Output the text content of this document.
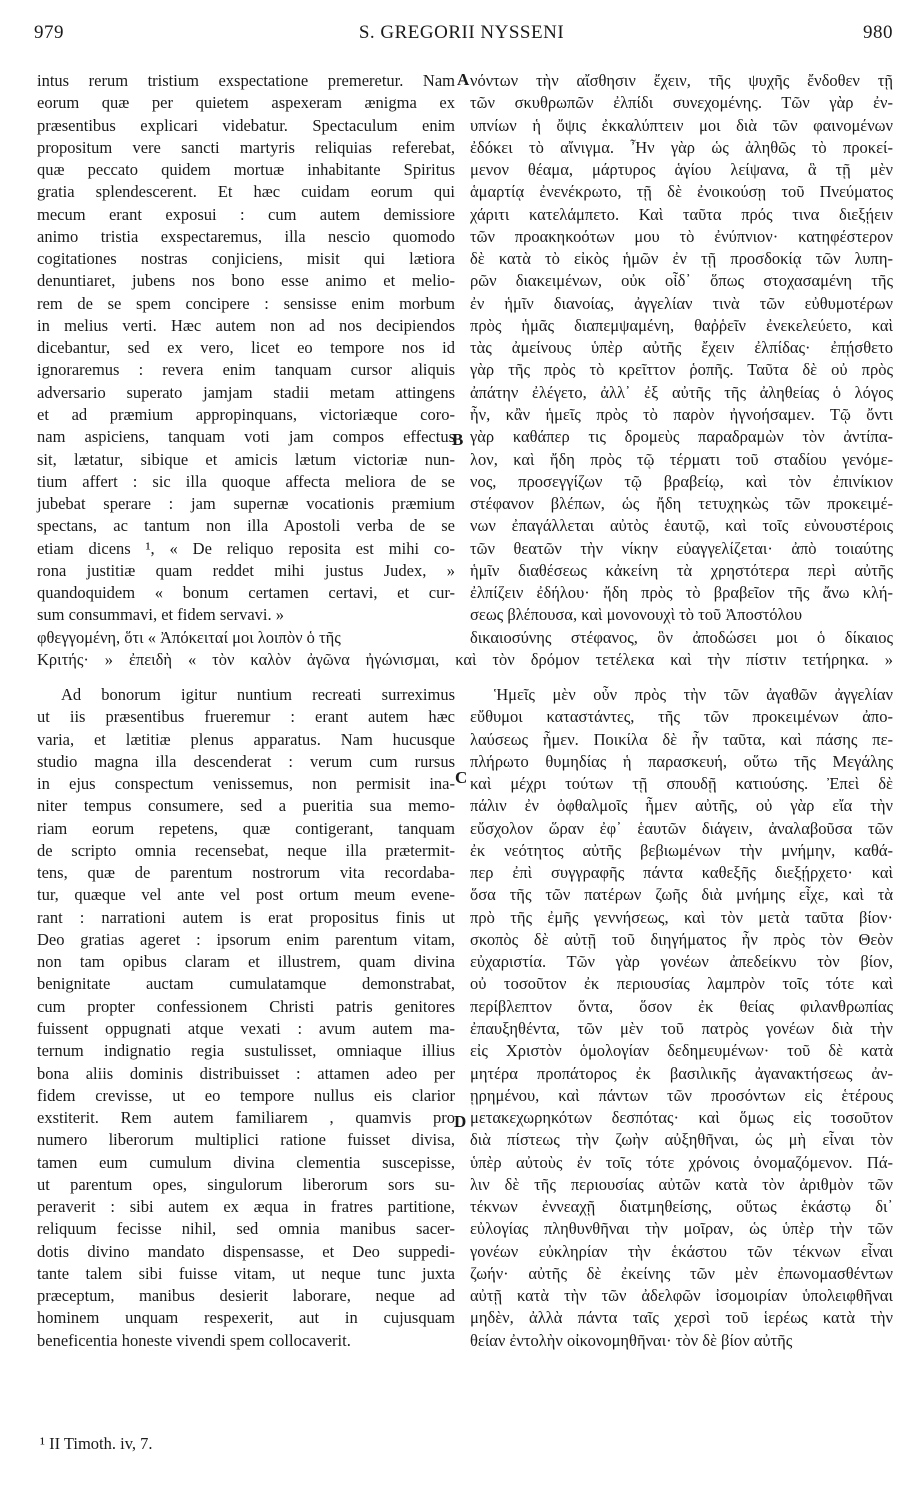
979	S. GREGORII NYSSENI	980
A
B
C
D
intus rerum tristium exspectatione premeretur. Nam
eorum quæ per quietem aspexeram ænigma ex
præsentibus explicari videbatur. Spectaculum enim
propositum vere sancti martyris reliquias referebat,
quæ peccato quidem mortuæ inhabitante Spiritus
gratia splendescerent. Et hæc cuidam eorum qui
mecum erant exposui : cum autem demissiore
animo tristia exspectaremus, illa nescio quomodo
cogitationes nostras conjiciens, misit qui lætiora
denuntiaret, jubens nos bono esse animo et melio-
rem de se spem concipere : sensisse enim morbum
in melius verti. Hæc autem non ad nos decipiendos
dicebantur, sed ex vero, licet eo tempore nos id
ignoraremus : revera enim tanquam cursor aliquis
adversario superato jamjam stadii metam attingens
et ad præmium appropinquans, victoriæque coro-
nam aspiciens, tanquam voti jam compos effectus
sit, lætatur, sibique et amicis lætum victoriæ nun-
tium affert : sic illa quoque affecta meliora de se
jubebat sperare : jam supernæ vocationis præmium
spectans, ac tantum non illa Apostoli verba de se
etiam dicens ¹, « De reliquo reposita est mihi co-
rona justitiæ quam reddet mihi justus Judex, »
quandoquidem « bonum certamen certavi, et cur-
sum consummavi, et fidem servavi. »
νόντων τὴν αἴσθησιν ἔχειν, τῆς ψυχῆς ἔνδοθεν τῇ
τῶν σκυθρωπῶν ἐλπίδι συνεχομένης. Τῶν γὰρ ἐν-
υπνίων ἡ ὄψις ἐκκαλύπτειν μοι διὰ τῶν φαινομένων
ἐδόκει τὸ αἴνιγμα. Ἦν γὰρ ὡς ἀληθῶς τὸ προκεί-
μενον θέαμα, μάρτυρος ἁγίου λείψανα, ἃ τῇ μὲν
ἁμαρτίᾳ ἐνενέκρωτο, τῇ δὲ ἐνοικούσῃ τοῦ Πνεύματος
χάριτι κατελάμπετο. Καὶ ταῦτα πρός τινα διεξῄειν
τῶν προακηκοότων μου τὸ ἐνύπνιον· κατηφέστερον
δὲ κατὰ τὸ εἰκὸς ἡμῶν ἐν τῇ προσδοκίᾳ τῶν λυπη-
ρῶν διακειμένων, οὐκ οἶδ᾽ ὅπως στοχασαμένη τῆς
ἐν ἡμῖν διανοίας, ἀγγελίαν τινὰ τῶν εὐθυμοτέρων
πρὸς ἡμᾶς διαπεμψαμένη, θαῤῥεῖν ἐνεκελεύετο, καὶ
τὰς ἀμείνους ὑπὲρ αὐτῆς ἔχειν ἐλπίδας· ἐπῄσθετο
γὰρ τῆς πρὸς τὸ κρεῖττον ῥοπῆς. Ταῦτα δὲ οὐ πρὸς
ἀπάτην ἐλέγετο, ἀλλ᾽ ἐξ αὐτῆς τῆς ἀληθείας ὁ λόγος
ἦν, κἂν ἡμεῖς πρὸς τὸ παρὸν ἠγνοήσαμεν. Τῷ ὄντι
γὰρ καθάπερ τις δρομεὺς παραδραμὼν τὸν ἀντίπα-
λον, καὶ ἤδη πρὸς τῷ τέρματι τοῦ σταδίου γενόμε-
νος, προσεγγίζων τῷ βραβείῳ, καὶ τὸν ἐπινίκιον
στέφανον βλέπων, ὡς ἤδη τετυχηκὼς τῶν προκειμέ-
νων ἐπαγάλλεται αὐτὸς ἑαυτῷ, καὶ τοῖς εὐνουστέροις
τῶν θεατῶν τὴν νίκην εὐαγγελίζεται· ἀπὸ τοιαύτης
ἡμῖν διαθέσεως κἀκείνη τὰ χρηστότερα περὶ αὐτῆς
ἐλπίζειν ἐδήλου· ἤδη πρὸς τὸ βραβεῖον τῆς ἄνω κλή-
σεως βλέπουσα, καὶ μονονουχὶ τὸ τοῦ Ἀποστόλου
φθεγγομένη, ὅτι « Ἀπόκειταί μοι λοιπὸν ὁ τῆς	δικαιοσύνης στέφανος, ὃν ἀποδώσει μοι ὁ δίκαιος
Κριτής· » ἐπειδὴ « τὸν καλὸν ἀγῶνα ἠγώνισμαι, καὶ τὸν δρόμον τετέλεκα καὶ τὴν πίστιν τετήρηκα. »
Ad bonorum igitur nuntium recreati surreximus
ut iis præsentibus frueremur : erant autem hæc
varia, et lætitiæ plenus apparatus. Nam hucusque
studio magna illa descenderat : verum cum rursus
in ejus conspectum venissemus, non permisit ina-
niter tempus consumere, sed a pueritia sua memo-
riam eorum repetens, quæ contigerant, tanquam
de scripto omnia recensebat, neque illa prætermit-
tens, quæ de parentum nostrorum vita recordaba-
tur, quæque vel ante vel post ortum meum evene-
rant : narrationi autem is erat propositus finis ut
Deo gratias ageret : ipsorum enim parentum vitam,
non tam opibus claram et illustrem, quam divina
benignitate auctam cumulatamque demonstrabat,
cum propter confessionem Christi patris genitores
fuissent oppugnati atque vexati : avum autem ma-
ternum indignatio regia sustulisset, omniaque illius
bona aliis dominis distribuisset : attamen adeo per
fidem crevisse, ut eo tempore nullus eis clarior
exstiterit. Rem autem familiarem , quamvis pro
numero liberorum multiplici ratione fuisset divisa,
tamen eum cumulum divina clementia suscepisse,
ut parentum opes, singulorum liberorum sors su-
peraverit : sibi autem ex æqua in fratres partitione,
reliquum fecisse nihil, sed omnia manibus sacer-
dotis divino mandato dispensasse, et Deo suppedi-
tante talem sibi fuisse vitam, ut neque tunc juxta
præceptum, manibus desierit laborare, neque ad
hominem unquam respexerit, aut in cujusquam
beneficentia honeste vivendi spem collocaverit.
Ἡμεῖς μὲν οὖν πρὸς τὴν τῶν ἀγαθῶν ἀγγελίαν
εὔθυμοι καταστάντες, τῆς τῶν προκειμένων ἀπο-
λαύσεως ἦμεν. Ποικίλα δὲ ἦν ταῦτα, καὶ πάσης πε-
πλήρωτο θυμηδίας ἡ παρασκευή, οὕτω τῆς Μεγάλης
καὶ μέχρι τούτων τῇ σπουδῇ κατιούσης. Ἐπεὶ δὲ
πάλιν ἐν ὀφθαλμοῖς ἦμεν αὐτῆς, οὐ γὰρ εἴα τὴν
εὔσχολον ὥραν ἐφ᾽ ἑαυτῶν διάγειν, ἀναλαβοῦσα τῶν
ἐκ νεότητος αὐτῆς βεβιωμένων τὴν μνήμην, καθά-
περ ἐπὶ συγγραφῆς πάντα καθεξῆς διεξῄρχετο· καὶ
ὅσα τῆς τῶν πατέρων ζωῆς διὰ μνήμης εἶχε, καὶ τὰ
πρὸ τῆς ἐμῆς γεννήσεως, καὶ τὸν μετὰ ταῦτα βίον·
σκοπὸς δὲ αὐτῇ τοῦ διηγήματος ἦν πρὸς τὸν Θεὸν
εὐχαριστία. Τῶν γὰρ γονέων ἀπεδείκνυ τὸν βίον,
οὐ τοσοῦτον ἐκ περιουσίας λαμπρὸν τοῖς τότε καὶ
περίβλεπτον ὄντα, ὅσον ἐκ θείας φιλανθρωπίας
ἐπαυξηθέντα, τῶν μὲν τοῦ πατρὸς γονέων διὰ τὴν
εἰς Χριστὸν ὁμολογίαν δεδημευμένων· τοῦ δὲ κατὰ
μητέρα προπάτορος ἐκ βασιλικῆς ἀγανακτήσεως ἀν-
ῃρημένου, καὶ πάντων τῶν προσόντων εἰς ἑτέρους
μετακεχωρηκότων δεσπότας· καὶ ὅμως εἰς τοσοῦτον
διὰ πίστεως τὴν ζωὴν αὐξηθῆναι, ὡς μὴ εἶναι τὸν
ὑπὲρ αὐτοὺς ἐν τοῖς τότε χρόνοις ὀνομαζόμενον. Πά-
λιν δὲ τῆς περιουσίας αὐτῶν κατὰ τὸν ἀριθμὸν τῶν
τέκνων ἐννεαχῇ διατμηθείσης, οὕτως ἑκάστῳ δι᾽
εὐλογίας πληθυνθῆναι τὴν μοῖραν, ὡς ὑπὲρ τὴν τῶν
γονέων εὐκληρίαν τὴν ἑκάστου τῶν τέκνων εἶναι
ζωήν· αὐτῆς δὲ ἐκείνης τῶν μὲν ἐπωνομασθέντων
αὐτῇ κατὰ τὴν τῶν ἀδελφῶν ἰσομοιρίαν ὑπολειφθῆναι
μηδὲν, ἀλλὰ πάντα ταῖς χερσὶ τοῦ ἱερέως κατὰ τὴν
θείαν ἐντολὴν οἰκονομηθῆναι· τὸν δὲ βίον αὐτῆς
¹ II Timoth. iv, 7.
